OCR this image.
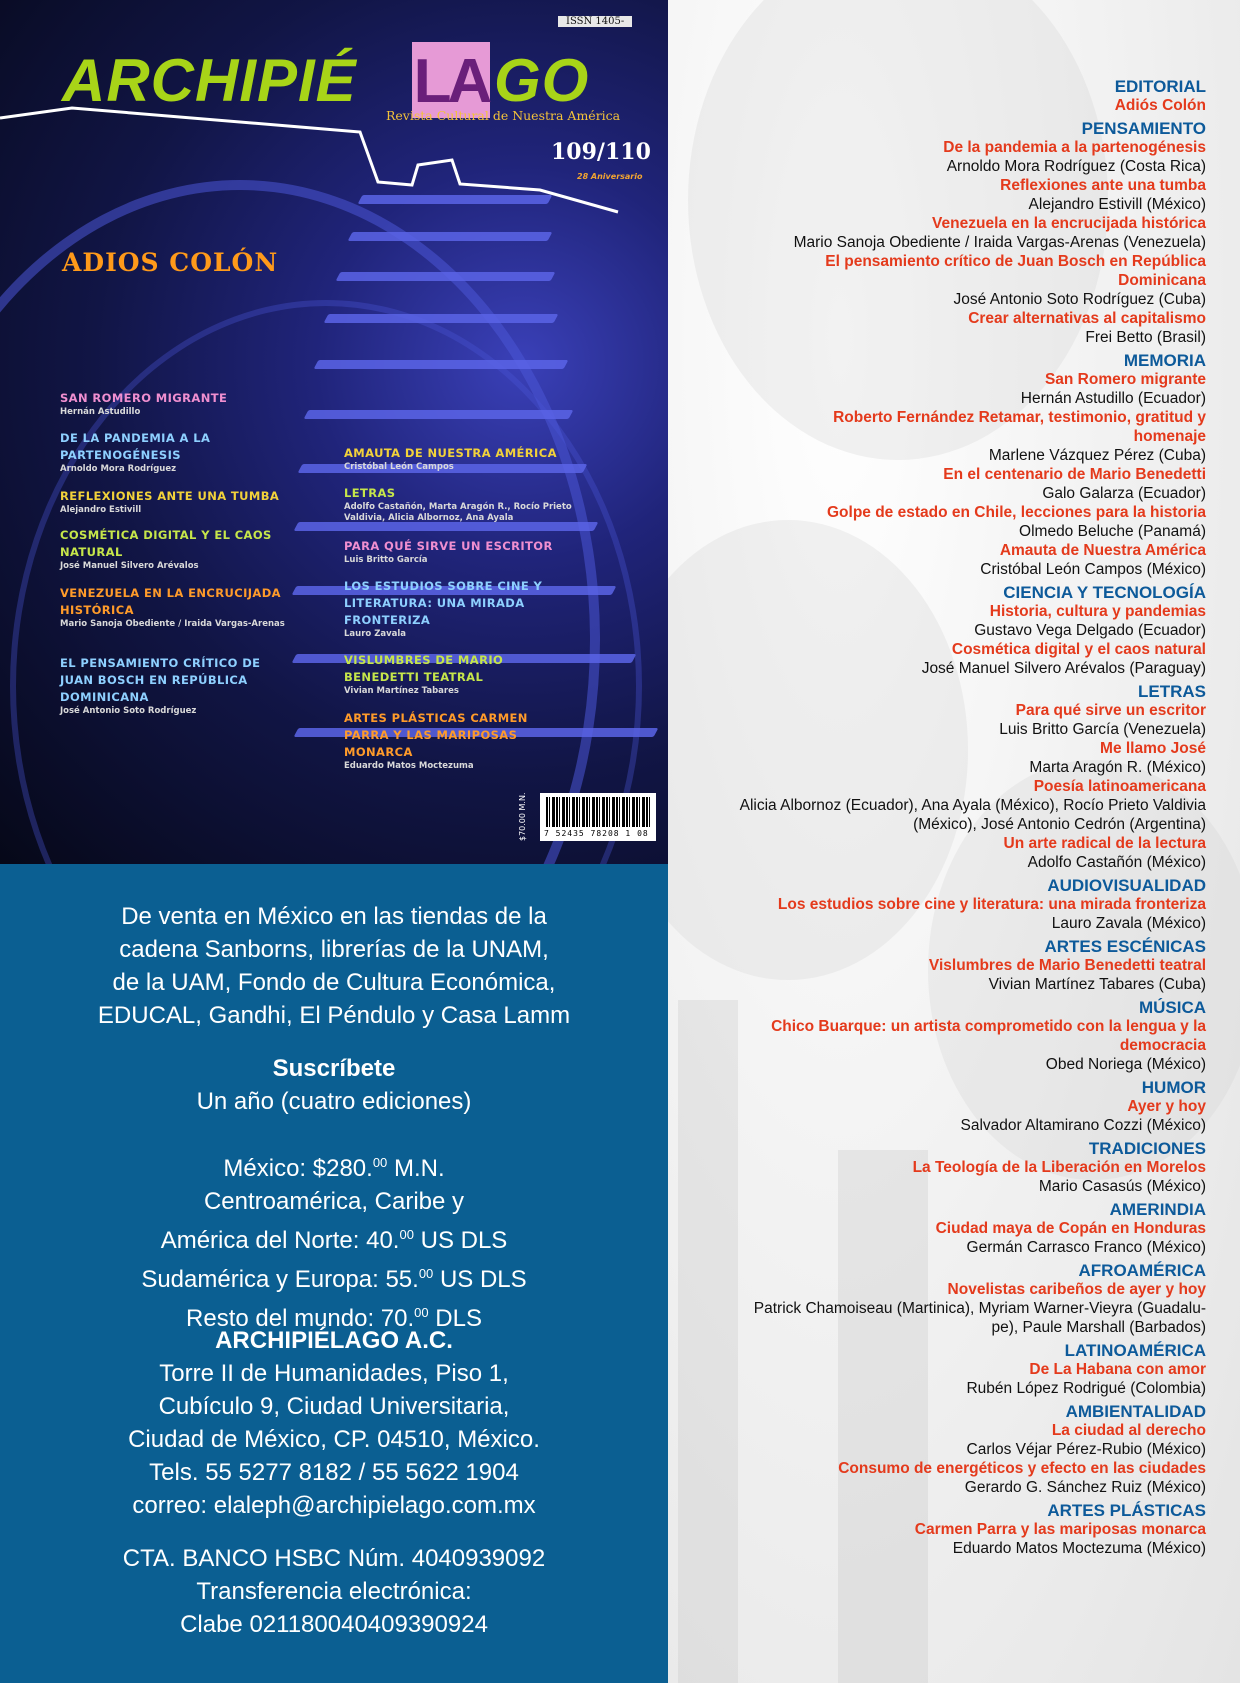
ISSN 1405-
ARCHIPIÉ LA GO
Revista Cultural de Nuestra América
109/110
28 Aniversario
ADIOS COLÓN
SAN ROMERO MIGRANTE
Hernán Astudillo
DE LA PANDEMIA A LA PARTENOGÉNESIS
Arnoldo Mora Rodríguez
REFLEXIONES ANTE UNA TUMBA
Alejandro Estivill
COSMÉTICA DIGITAL Y EL CAOS NATURAL
José Manuel Silvero Arévalos
VENEZUELA EN LA ENCRUCIJADA HISTÓRICA
Mario Sanoja Obediente / Iraida Vargas-Arenas
EL PENSAMIENTO CRÍTICO DE JUAN BOSCH EN REPÚBLICA DOMINICANA
José Antonio Soto Rodríguez
AMAUTA DE NUESTRA AMÉRICA
Cristóbal León Campos
LETRAS
Adolfo Castañón, Marta Aragón R., Rocío Prieto Valdivia, Alicia Albornoz, Ana Ayala
PARA QUÉ SIRVE UN ESCRITOR
Luis Britto García
LOS ESTUDIOS SOBRE CINE Y LITERATURA: UNA MIRADA FRONTERIZA
Lauro Zavala
VISLUMBRES DE MARIO BENEDETTI TEATRAL
Vivian Martínez Tabares
ARTES PLÁSTICAS CARMEN PARRA Y LAS MARIPOSAS MONARCA
Eduardo Matos Moctezuma
$70.00 M.N. 7 52435 78208 1 08

De venta en México en las tiendas de la

cadena Sanborns, librerías de la UNAM,

de la UAM, Fondo de Cultura Económica,

EDUCAL, Gandhi, El Péndulo y Casa Lamm

Suscríbete

Un año (cuatro ediciones)

México: $280.00 M.N.

Centroamérica, Caribe y

América del Norte: 40.00 US DLS

Sudamérica y Europa: 55.00 US DLS

Resto del mundo: 70.00 DLS

ARCHIPIÉLAGO A.C.

Torre II de Humanidades, Piso 1,

Cubículo 9, Ciudad Universitaria,

Ciudad de México, CP. 04510, México.

Tels. 55 5277 8182 / 55 5622 1904

correo: elaleph@archipielago.com.mx

CTA. BANCO HSBC Núm. 4040939092

Transferencia electrónica:

Clabe 021180040409390924

EDITORIAL
Adiós Colón
PENSAMIENTO
De la pandemia a la partenogénesis
Arnoldo Mora Rodríguez (Costa Rica)
Reflexiones ante una tumba
Alejandro Estivill (México)
Venezuela en la encrucijada histórica
Mario Sanoja Obediente / Iraida Vargas-Arenas (Venezuela)
El pensamiento crítico de Juan Bosch en República
Dominicana
José Antonio Soto Rodríguez (Cuba)
Crear alternativas al capitalismo
Frei Betto (Brasil)
MEMORIA
San Romero migrante
Hernán Astudillo (Ecuador)
Roberto Fernández Retamar, testimonio, gratitud y
homenaje
Marlene Vázquez Pérez (Cuba)
En el centenario de Mario Benedetti
Galo Galarza (Ecuador)
Golpe de estado en Chile, lecciones para la historia
Olmedo Beluche (Panamá)
Amauta de Nuestra América
Cristóbal León Campos (México)
CIENCIA Y TECNOLOGÍA
Historia, cultura y pandemias
Gustavo Vega Delgado (Ecuador)
Cosmética digital y el caos natural
José Manuel Silvero Arévalos (Paraguay)
LETRAS
Para qué sirve un escritor
Luis Britto García (Venezuela)
Me llamo José
Marta Aragón R. (México)
Poesía latinoamericana
Alicia Albornoz (Ecuador), Ana Ayala (México), Rocío Prieto Valdivia
(México), José Antonio Cedrón (Argentina)
Un arte radical de la lectura
Adolfo Castañón (México)
AUDIOVISUALIDAD
Los estudios sobre cine y literatura: una mirada fronteriza
Lauro Zavala (México)
ARTES ESCÉNICAS
Vislumbres de Mario Benedetti teatral
Vivian Martínez Tabares (Cuba)
MÚSICA
Chico Buarque: un artista comprometido con la lengua y la
democracia
Obed Noriega (México)
HUMOR
Ayer y hoy
Salvador Altamirano Cozzi (México)
TRADICIONES
La Teología de la Liberación en Morelos
Mario Casasús (México)
AMERINDIA
Ciudad maya de Copán en Honduras
Germán Carrasco Franco (México)
AFROAMÉRICA
Novelistas caribeños de ayer y hoy
Patrick Chamoiseau (Martinica), Myriam Warner-Vieyra (Guadalu-
pe), Paule Marshall (Barbados)
LATINOAMÉRICA
De La Habana con amor
Rubén López Rodrigué (Colombia)
AMBIENTALIDAD
La ciudad al derecho
Carlos Véjar Pérez-Rubio (México)
Consumo de energéticos y efecto en las ciudades
Gerardo G. Sánchez Ruiz (México)
ARTES PLÁSTICAS
Carmen Parra y las mariposas monarca
Eduardo Matos Moctezuma (México)
